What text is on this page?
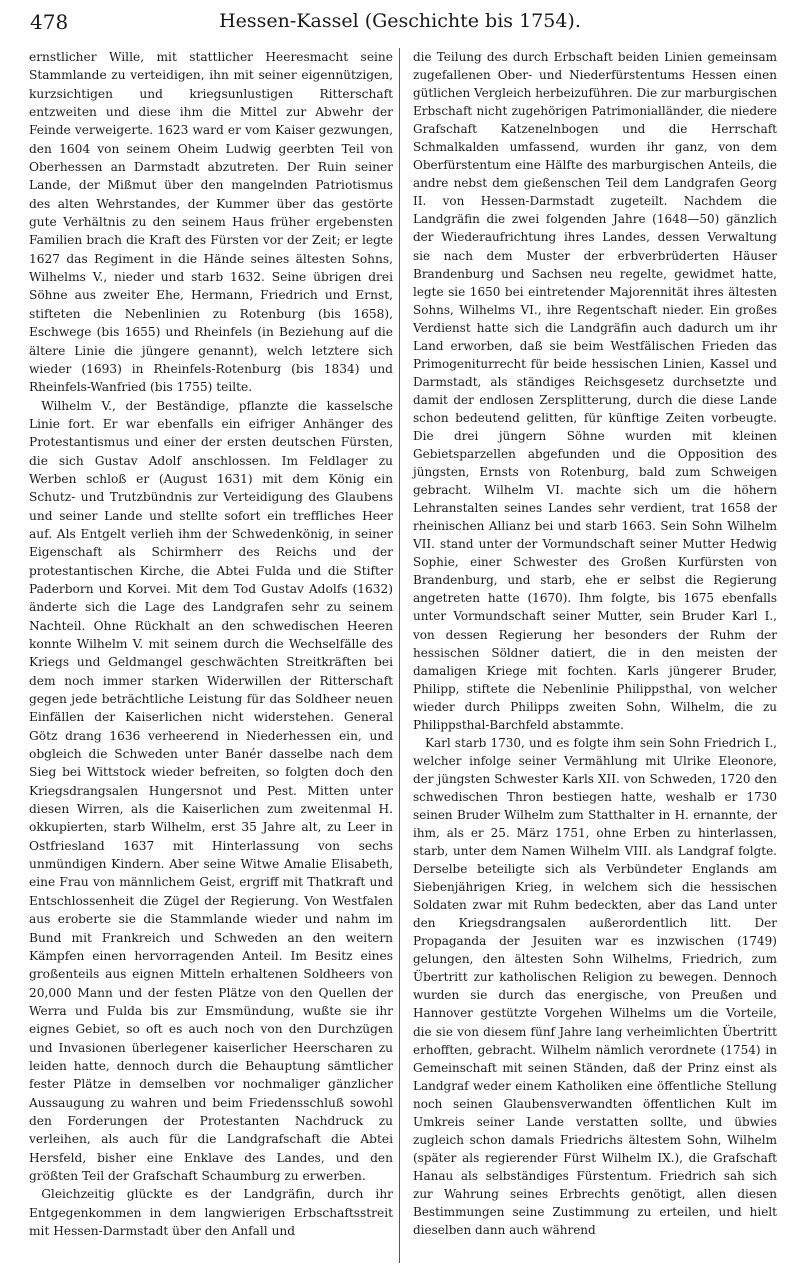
478	Hessen-Kassel (Geschichte bis 1754).

ernstlicher Wille, mit stattlicher Heeresmacht seine Stammlande zu verteidigen, ihn mit seiner eigennützigen, kurzsichtigen und kriegsunlustigen Ritterschaft entzweiten und diese ihm die Mittel zur Abwehr der Feinde verweigerte. 1623 ward er vom Kaiser gezwungen, den 1604 von seinem Oheim Ludwig geerbten Teil von Oberhessen an Darmstadt abzutreten. Der Ruin seiner Lande, der Mißmut über den mangelnden Patriotismus des alten Wehrstandes, der Kummer über das gestörte gute Verhältnis zu den seinem Haus früher ergebensten Familien brach die Kraft des Fürsten vor der Zeit; er legte 1627 das Regiment in die Hände seines ältesten Sohns, Wilhelms V., nieder und starb 1632. Seine übrigen drei Söhne aus zweiter Ehe, Hermann, Friedrich und Ernst, stifteten die Nebenlinien zu Rotenburg (bis 1658), Eschwege (bis 1655) und Rheinfels (in Beziehung auf die ältere Linie die jüngere genannt), welch letztere sich wieder (1693) in Rheinfels-Rotenburg (bis 1834) und Rheinfels-Wanfried (bis 1755) teilte.

Wilhelm V., der Beständige, pflanzte die kasselsche Linie fort. Er war ebenfalls ein eifriger Anhänger des Protestantismus und einer der ersten deutschen Fürsten, die sich Gustav Adolf anschlossen. Im Feldlager zu Werben schloß er (August 1631) mit dem König ein Schutz- und Trutzbündnis zur Verteidigung des Glaubens und seiner Lande und stellte sofort ein treffliches Heer auf. Als Entgelt verlieh ihm der Schwedenkönig, in seiner Eigenschaft als Schirmherr des Reichs und der protestantischen Kirche, die Abtei Fulda und die Stifter Paderborn und Korvei. Mit dem Tod Gustav Adolfs (1632) änderte sich die Lage des Landgrafen sehr zu seinem Nachteil. Ohne Rückhalt an den schwedischen Heeren konnte Wilhelm V. mit seinem durch die Wechselfälle des Kriegs und Geldmangel geschwächten Streitkräften bei dem noch immer starken Widerwillen der Ritterschaft gegen jede beträchtliche Leistung für das Soldheer neuen Einfällen der Kaiserlichen nicht widerstehen. General Götz drang 1636 verheerend in Niederhessen ein, und obgleich die Schweden unter Banér dasselbe nach dem Sieg bei Wittstock wieder befreiten, so folgten doch den Kriegsdrangsalen Hungersnot und Pest. Mitten unter diesen Wirren, als die Kaiserlichen zum zweitenmal H. okkupierten, starb Wilhelm, erst 35 Jahre alt, zu Leer in Ostfriesland 1637 mit Hinterlassung von sechs unmündigen Kindern. Aber seine Witwe Amalie Elisabeth, eine Frau von männlichem Geist, ergriff mit Thatkraft und Entschlossenheit die Zügel der Regierung. Von Westfalen aus eroberte sie die Stammlande wieder und nahm im Bund mit Frankreich und Schweden an den weitern Kämpfen einen hervorragenden Anteil. Im Besitz eines großenteils aus eignen Mitteln erhaltenen Soldheers von 20,000 Mann und der festen Plätze von den Quellen der Werra und Fulda bis zur Emsmündung, wußte sie ihr eignes Gebiet, so oft es auch noch von den Durchzügen und Invasionen überlegener kaiserlicher Heerscharen zu leiden hatte, dennoch durch die Behauptung sämtlicher fester Plätze in demselben vor nochmaliger gänzlicher Aussaugung zu wahren und beim Friedensschluß sowohl den Forderungen der Protestanten Nachdruck zu verleihen, als auch für die Landgrafschaft die Abtei Hersfeld, bisher eine Enklave des Landes, und den größten Teil der Grafschaft Schaumburg zu erwerben.

Gleichzeitig glückte es der Landgräfin, durch ihr Entgegenkommen in dem langwierigen Erbschaftsstreit mit Hessen-Darmstadt über den Anfall und

die Teilung des durch Erbschaft beiden Linien gemeinsam zugefallenen Ober- und Niederfürstentums Hessen einen gütlichen Vergleich herbeizuführen. Die zur marburgischen Erbschaft nicht zugehörigen Patrimonialländer, die niedere Grafschaft Katzenelnbogen und die Herrschaft Schmalkalden umfassend, wurden ihr ganz, von dem Oberfürstentum eine Hälfte des marburgischen Anteils, die andre nebst dem gießenschen Teil dem Landgrafen Georg II. von Hessen-Darmstadt zugeteilt. Nachdem die Landgräfin die zwei folgenden Jahre (1648—50) gänzlich der Wiederaufrichtung ihres Landes, dessen Verwaltung sie nach dem Muster der erbverbrüderten Häuser Brandenburg und Sachsen neu regelte, gewidmet hatte, legte sie 1650 bei eintretender Majorennität ihres ältesten Sohns, Wilhelms VI., ihre Regentschaft nieder. Ein großes Verdienst hatte sich die Landgräfin auch dadurch um ihr Land erworben, daß sie beim Westfälischen Frieden das Primogeniturrecht für beide hessischen Linien, Kassel und Darmstadt, als ständiges Reichsgesetz durchsetzte und damit der endlosen Zersplitterung, durch die diese Lande schon bedeutend gelitten, für künftige Zeiten vorbeugte. Die drei jüngern Söhne wurden mit kleinen Gebietsparzellen abgefunden und die Opposition des jüngsten, Ernsts von Rotenburg, bald zum Schweigen gebracht. Wilhelm VI. machte sich um die höhern Lehranstalten seines Landes sehr verdient, trat 1658 der rheinischen Allianz bei und starb 1663. Sein Sohn Wilhelm VII. stand unter der Vormundschaft seiner Mutter Hedwig Sophie, einer Schwester des Großen Kurfürsten von Brandenburg, und starb, ehe er selbst die Regierung angetreten hatte (1670). Ihm folgte, bis 1675 ebenfalls unter Vormundschaft seiner Mutter, sein Bruder Karl I., von dessen Regierung her besonders der Ruhm der hessischen Söldner datiert, die in den meisten der damaligen Kriege mit fochten. Karls jüngerer Bruder, Philipp, stiftete die Nebenlinie Philippsthal, von welcher wieder durch Philipps zweiten Sohn, Wilhelm, die zu Philippsthal-Barchfeld abstammte.

Karl starb 1730, und es folgte ihm sein Sohn Friedrich I., welcher infolge seiner Vermählung mit Ulrike Eleonore, der jüngsten Schwester Karls XII. von Schweden, 1720 den schwedischen Thron bestiegen hatte, weshalb er 1730 seinen Bruder Wilhelm zum Statthalter in H. ernannte, der ihm, als er 25. März 1751, ohne Erben zu hinterlassen, starb, unter dem Namen Wilhelm VIII. als Landgraf folgte. Derselbe beteiligte sich als Verbündeter Englands am Siebenjährigen Krieg, in welchem sich die hessischen Soldaten zwar mit Ruhm bedeckten, aber das Land unter den Kriegsdrangsalen außerordentlich litt. Der Propaganda der Jesuiten war es inzwischen (1749) gelungen, den ältesten Sohn Wilhelms, Friedrich, zum Übertritt zur katholischen Religion zu bewegen. Dennoch wurden sie durch das energische, von Preußen und Hannover gestützte Vorgehen Wilhelms um die Vorteile, die sie von diesem fünf Jahre lang verheimlichten Übertritt erhofften, gebracht. Wilhelm nämlich verordnete (1754) in Gemeinschaft mit seinen Ständen, daß der Prinz einst als Landgraf weder einem Katholiken eine öffentliche Stellung noch seinen Glaubensverwandten öffentlichen Kult im Umkreis seiner Lande verstatten sollte, und übwies zugleich schon damals Friedrichs ältestem Sohn, Wilhelm (später als regierender Fürst Wilhelm IX.), die Grafschaft Hanau als selbständiges Fürstentum. Friedrich sah sich zur Wahrung seines Erbrechts genötigt, allen diesen Bestimmungen seine Zustimmung zu erteilen, und hielt dieselben dann auch während
